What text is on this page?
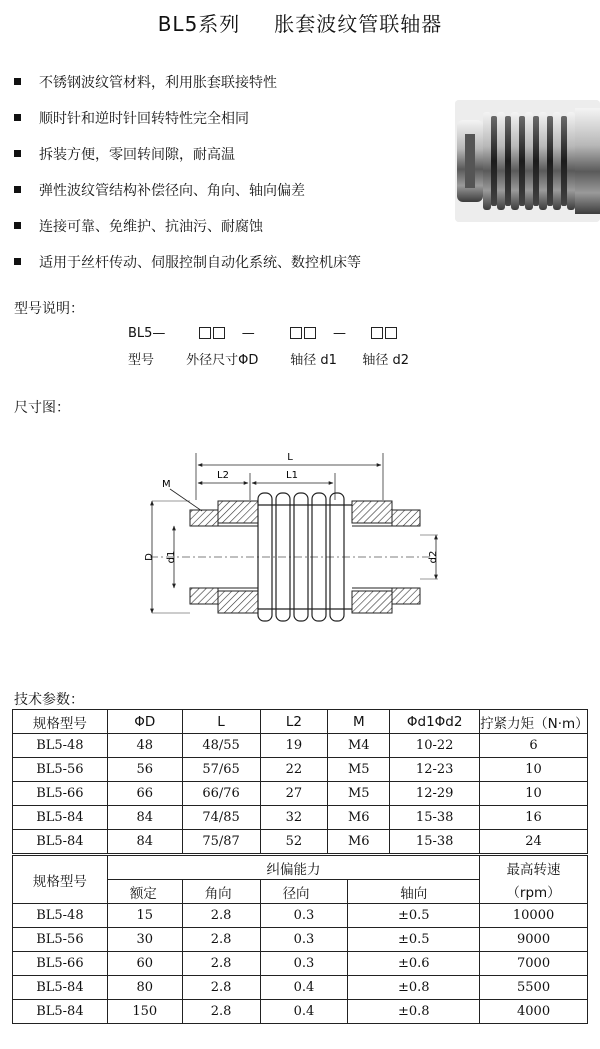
BL5系列 胀套波纹管联轴器
不锈钢波纹管材料，利用胀套联接特性
顺时针和逆时针回转特性完全相同
拆装方便，零回转间隙，耐高温
弹性波纹管结构补偿径向、角向、轴向偏差
连接可靠、免维护、抗油污、耐腐蚀
适用于丝杆传动、伺服控制自动化系统、数控机床等
型号说明：
BL5—	—	—
型号 外径尺寸ΦD 轴径 d1 轴径 d2
尺寸图：
L
L2	L1
M
D d1	d2
技术参数：
规格型号	ΦD	L	L2	M	Φd1Φd2	拧紧力矩（N·m）
BL5-48	48	48/55	19	M4	10-22	6
BL5-56	56	57/65	22	M5	12-23	10
BL5-66	66	66/76	27	M5	12-29	10
BL5-84	84	74/85	32	M6	15-38	16
BL5-84	84	75/87	52	M6	15-38	24
规格型号	纠偏能力				最高转速
	额定	角向	径向	轴向	（rpm）
BL5-48	15	2.8	0.3	±0.5	10000
BL5-56	30	2.8	0.3	±0.5	9000
BL5-66	60	2.8	0.3	±0.6	7000
BL5-84	80	2.8	0.4	±0.8	5500
BL5-84	150	2.8	0.4	±0.8	4000
